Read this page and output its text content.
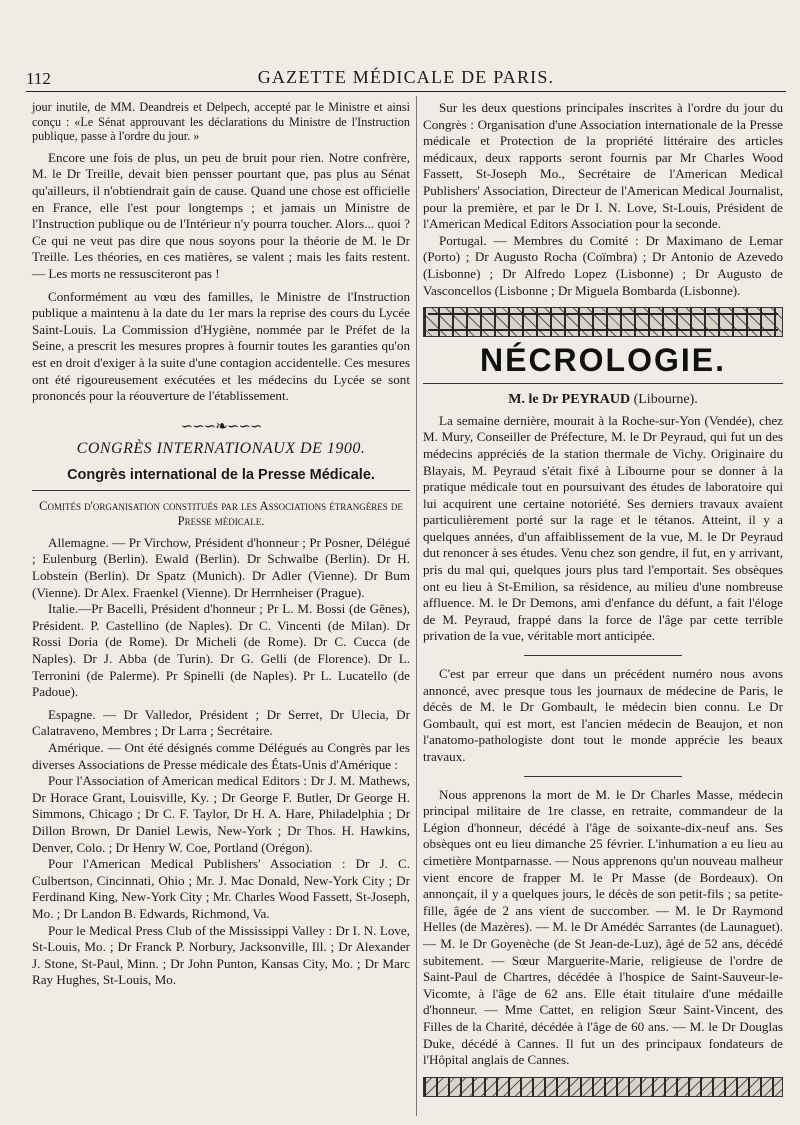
112	GAZETTE MÉDICALE DE PARIS.

jour inutile, de MM. Deandreis et Delpech, accepté par le Ministre et ainsi conçu : «Le Sénat approuvant les déclarations du Ministre de l'Instruction publique, passe à l'ordre du jour. »

Encore une fois de plus, un peu de bruit pour rien. Notre confrère, M. le Dr Treille, devait bien pensser pourtant que, pas plus au Sénat qu'ailleurs, il n'obtiendrait gain de cause. Quand une chose est officielle en France, elle l'est pour longtemps ; et jamais un Ministre de l'Instruction publique ou de l'Intérieur n'y pourra toucher. Alors... quoi ? Ce qui ne veut pas dire que nous soyons pour la théorie de M. le Dr Treille. Les théories, en ces matières, se valent ; mais les faits restent. — Les morts ne ressusciteront pas !

Conformément au vœu des familles, le Ministre de l'Instruction publique a maintenu à la date du 1er mars la reprise des cours du Lycée Saint-Louis. La Commission d'Hygiène, nommée par le Préfet de la Seine, a prescrit les mesures propres à fournir toutes les garanties qu'on est en droit d'exiger à la suite d'une contagion accidentelle. Ces mesures ont été rigoureusement exécutées et les médecins du Lycée se sont prononcés pour la réouverture de l'établissement.

∽∽∽❧∽∽∽
CONGRÈS INTERNATIONAUX DE 1900.
Congrès international de la Presse Médicale.
Comités d'organisation constitués par les Associations étrangères de Presse médicale.

Allemagne. — Pr Virchow, Président d'honneur ; Pr Posner, Délégué ; Eulenburg (Berlin). Ewald (Berlin). Dr Schwalbe (Berlin). Dr H. Lobstein (Berlin). Dr Spatz (Munich). Dr Adler (Vienne). Dr Bum (Vienne). Dr Alex. Fraenkel (Vienne). Dr Herrnheiser (Prague).

Italie.—Pr Bacelli, Président d'honneur ; Pr L. M. Bossi (de Gênes), Président. P. Castellino (de Naples). Dr C. Vincenti (de Milan). Dr Rossi Doria (de Rome). Dr Micheli (de Rome). Dr C. Cucca (de Naples). Dr J. Abba (de Turin). Dr G. Gelli (de Florence). Dr L. Terronini (de Palerme). Pr Spinelli (de Naples). Pr L. Lucatello (de Padoue).

Espagne. — Dr Valledor, Président ; Dr Serret, Dr Ulecia, Dr Calatraveno, Membres ; Dr Larra ; Secrétaire.

Amérique. — Ont été désignés comme Délégués au Congrès par les diverses Associations de Presse médicale des États-Unis d'Amérique :

Pour l'Association of American medical Editors : Dr J. M. Mathews, Dr Horace Grant, Louisville, Ky. ; Dr George F. Butler, Dr George H. Simmons, Chicago ; Dr C. F. Taylor, Dr H. A. Hare, Philadelphia ; Dr Dillon Brown, Dr Daniel Lewis, New-York ; Dr Thos. H. Hawkins, Denver, Colo. ; Dr Henry W. Coe, Portland (Orégon).

Pour l'American Medical Publishers' Association : Dr J. C. Culbertson, Cincinnati, Ohio ; Mr. J. Mac Donald, New-York City ; Dr Ferdinand King, New-York City ; Mr. Charles Wood Fassett, St-Joseph, Mo. ; Dr Landon B. Edwards, Richmond, Va.

Pour le Medical Press Club of the Mississippi Valley : Dr I. N. Love, St-Louis, Mo. ; Dr Franck P. Norbury, Jacksonville, Ill. ; Dr Alexander J. Stone, St-Paul, Minn. ; Dr John Punton, Kansas City, Mo. ; Dr Marc Ray Hughes, St-Louis, Mo.

Sur les deux questions principales inscrites à l'ordre du jour du Congrès : Organisation d'une Association internationale de la Presse médicale et Protection de la propriété littéraire des articles médicaux, deux rapports seront fournis par Mr Charles Wood Fassett, St-Joseph Mo., Secrétaire de l'American Medical Publishers' Association, Directeur de l'American Medical Journalist, pour la première, et par le Dr I. N. Love, St-Louis, Président de l'American Medical Editors Association pour la seconde.

Portugal. — Membres du Comité : Dr Maximano de Lemar (Porto) ; Dr Augusto Rocha (Coïmbra) ; Dr Antonio de Azevedo (Lisbonne) ; Dr Alfredo Lopez (Lisbonne) ; Dr Augusto de Vasconcellos (Lisbonne ; Dr Miguela Bombarda (Lisbonne).

NÉCROLOGIE.
M. le Dr PEYRAUD (Libourne).

La semaine dernière, mourait à la Roche-sur-Yon (Vendée), chez M. Mury, Conseiller de Préfecture, M. le Dr Peyraud, qui fut un des médecins appréciés de la station thermale de Vichy. Originaire du Blayais, M. Peyraud s'était fixé à Libourne pour se donner à la pratique médicale tout en poursuivant des études de laboratoire qui lui acquirent une certaine notoriété. Ses derniers travaux avaient particulièrement porté sur la rage et le tétanos. Atteint, il y a quelques années, d'un affaiblissement de la vue, M. le Dr Peyraud dut renoncer à ses études. Venu chez son gendre, il fut, en y arrivant, pris du mal qui, quelques jours plus tard l'emportait. Ses obsèques ont eu lieu à St-Emilion, sa résidence, au milieu d'une nombreuse affluence. M. le Dr Demons, ami d'enfance du défunt, a fait l'éloge de M. Peyraud, frappé dans la force de l'âge par cette terrible privation de la vue, véritable mort anticipée.

C'est par erreur que dans un précédent numéro nous avons annoncé, avec presque tous les journaux de médecine de Paris, le décès de M. le Dr Gombault, le médecin bien connu. Le Dr Gombault, qui est mort, est l'ancien médecin de Beaujon, et non l'anatomo-pathologiste dont tout le monde apprécie les beaux travaux.

Nous apprenons la mort de M. le Dr Charles Masse, médecin principal militaire de 1re classe, en retraite, commandeur de la Légion d'honneur, décédé à l'âge de soixante-dix-neuf ans. Ses obsèques ont eu lieu dimanche 25 février. L'inhumation a eu lieu au cimetière Montparnasse. — Nous apprenons qu'un nouveau malheur vient encore de frapper M. le Pr Masse (de Bordeaux). On annonçait, il y a quelques jours, le décès de son petit-fils ; sa petite-fille, âgée de 2 ans vient de succomber. — M. le Dr Raymond Helles (de Mazères). — M. le Dr Amédéc Sarrantes (de Launaguet). — M. le Dr Goyenèche (de St Jean-de-Luz), âgé de 52 ans, décédé subitement. — Sœur Marguerite-Marie, religieuse de l'ordre de Saint-Paul de Chartres, décédée à l'hospice de Saint-Sauveur-le-Vicomte, à l'âge de 62 ans. Elle était titulaire d'une médaille d'honneur. — Mme Cattet, en religion Sœur Saint-Vincent, des Filles de la Charité, décédée à l'âge de 60 ans. — M. le Dr Douglas Duke, décédé à Cannes. Il fut un des principaux fondateurs de l'Hôpital anglais de Cannes.
